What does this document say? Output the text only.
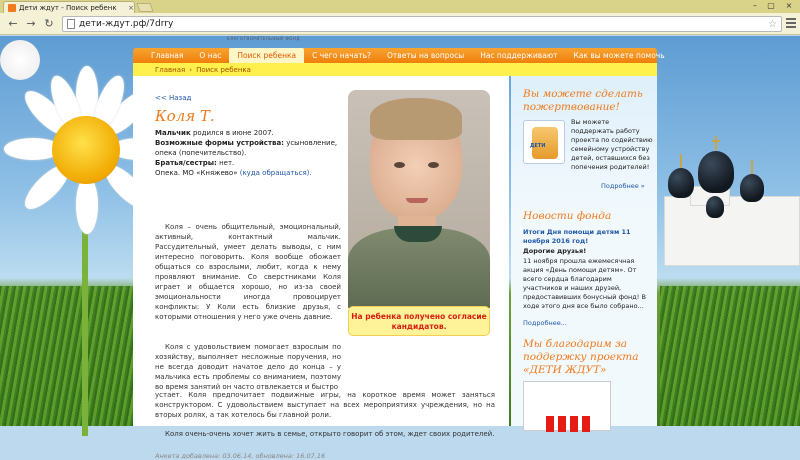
Дети ждут - Поиск ребенк	×	–	▢	×
← → ↻	дети-ждут.рф/7drry	☆
БЛАГОТВОРИТЕЛЬНЫЙ ФОНД
Главная	О нас	Поиск ребенка	С чего начать?	Ответы на вопросы	Нас поддерживают	Как вы можете помочь
Главная › Поиск ребенка
<< Назад
Коля Т.
Мальчик родился в июне 2007.
Возможные формы устройства: усыновление, опека (попечительство).
Братья/сестры: нет.
Опека. МО «Княжево» (куда обращаться).

Коля – очень общительный, эмоциональный, активный, контактный мальчик. Рассудительный, умеет делать выводы, с ним интересно поговорить. Коля вообще обожает общаться со взрослыми, любит, когда к нему проявляют внимание. Со сверстниками Коля играет и общается хорошо, но из-за своей эмоциональности иногда провоцирует конфликты: У Коли есть близкие друзья, с которыми отношения у него уже очень давние.

Коля с удовольствием помогает взрослым по хозяйству, выполняет несложные поручения, но не всегда доводит начатое дело до конца – у мальчика есть проблемы со вниманием, поэтому во время занятий он часто отвлекается и быстро

устает. Коля предпочитает подвижные игры, на короткое время может заняться конструктором. С удовольствием выступает на всех мероприятиях учреждения, но на вторых ролях, а так хотелось бы главной роли.

Коля очень-очень хочет жить в семье, открыто говорит об этом, ждет своих родителей.

Анкета добавлена: 03.06.14, обновлена: 16.07.16
На ребенка получено согласие кандидатов.
Вы можете сделать пожертвование!
ДЕТИ
Вы можете поддержать работу проекта по содействию семейному устройству детей, оставшихся без попечения родителей!
Подробнее »
Новости фонда
Итоги Дня помощи детям 11 ноября 2016 год!
Дорогие друзья!
11 ноября прошла ежемесячная акция «День помощи детям». От всего сердца благодарим участников и наших друзей, предоставивших бонусный фонд! В ходе этого дня все было собрано...
Подробнее...
Мы благодарим за поддержку проекта «ДЕТИ ЖДУТ»
